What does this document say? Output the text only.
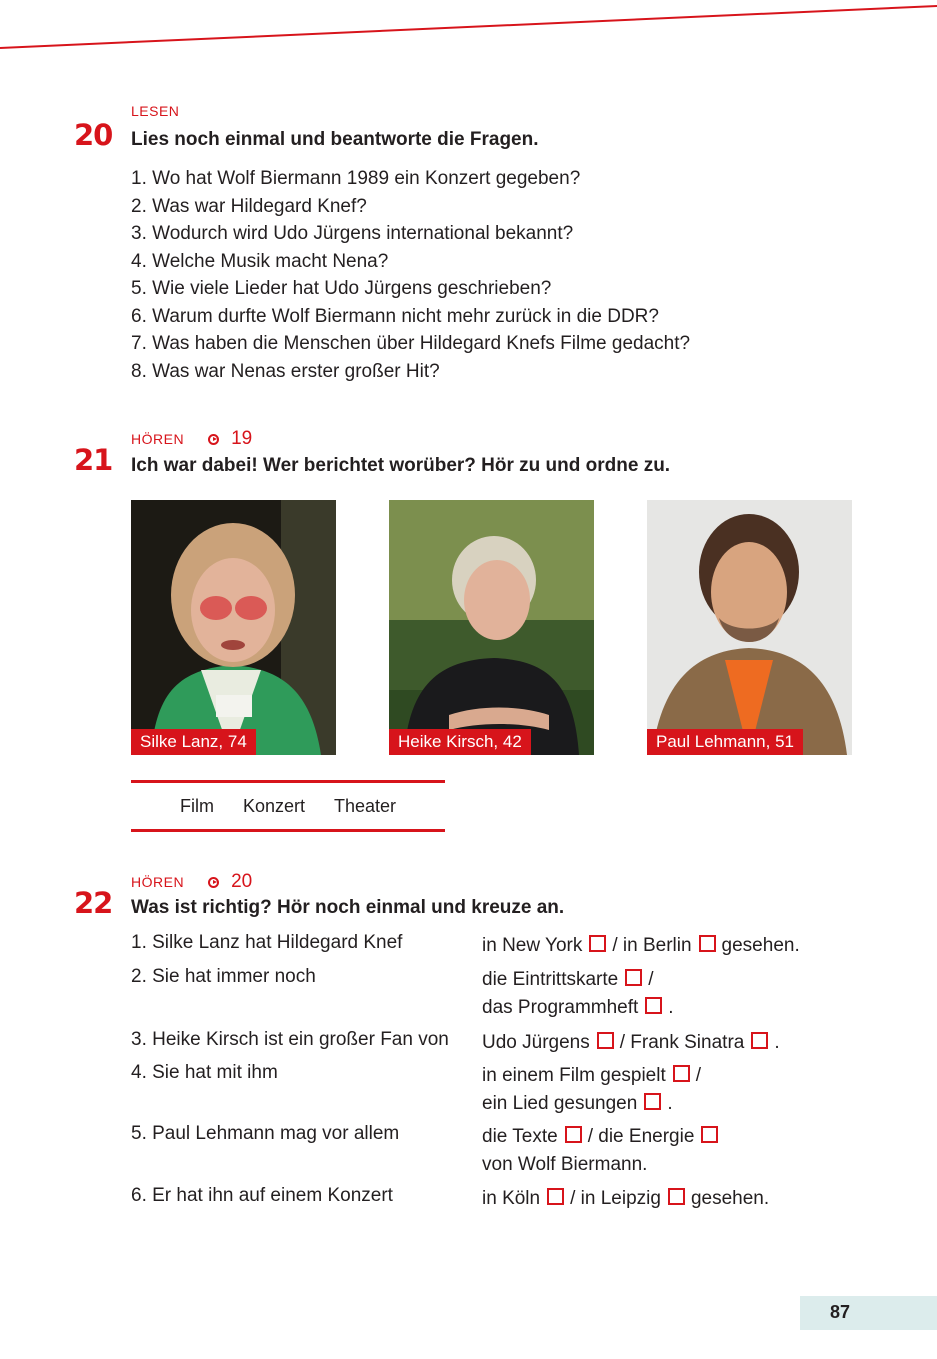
LESEN
20 Lies noch einmal und beantworte die Fragen.
1. Wo hat Wolf Biermann 1989 ein Konzert gegeben?
2. Was war Hildegard Knef?
3. Wodurch wird Udo Jürgens international bekannt?
4. Welche Musik macht Nena?
5. Wie viele Lieder hat Udo Jürgens geschrieben?
6. Warum durfte Wolf Biermann nicht mehr zurück in die DDR?
7. Was haben die Menschen über Hildegard Knefs Filme gedacht?
8. Was war Nenas erster großer Hit?
HÖREN 19
21 Ich war dabei! Wer berichtet worüber? Hör zu und ordne zu.
Silke Lanz, 74	Heike Kirsch, 42	Paul Lehmann, 51
Film Konzert Theater
HÖREN 20
22 Was ist richtig? Hör noch einmal und kreuze an.
1. Silke Lanz hat Hildegard Knef	in New York / in Berlin gesehen.
2. Sie hat immer noch	die Eintrittskarte /
das Programmheft .
3. Heike Kirsch ist ein großer Fan von Udo Jürgens / Frank Sinatra .
4. Sie hat mit ihm	in einem Film gespielt /
ein Lied gesungen .
5. Paul Lehmann mag vor allem	die Texte / die Energie
von Wolf Biermann.
6. Er hat ihn auf einem Konzert	in Köln / in Leipzig gesehen.
87
